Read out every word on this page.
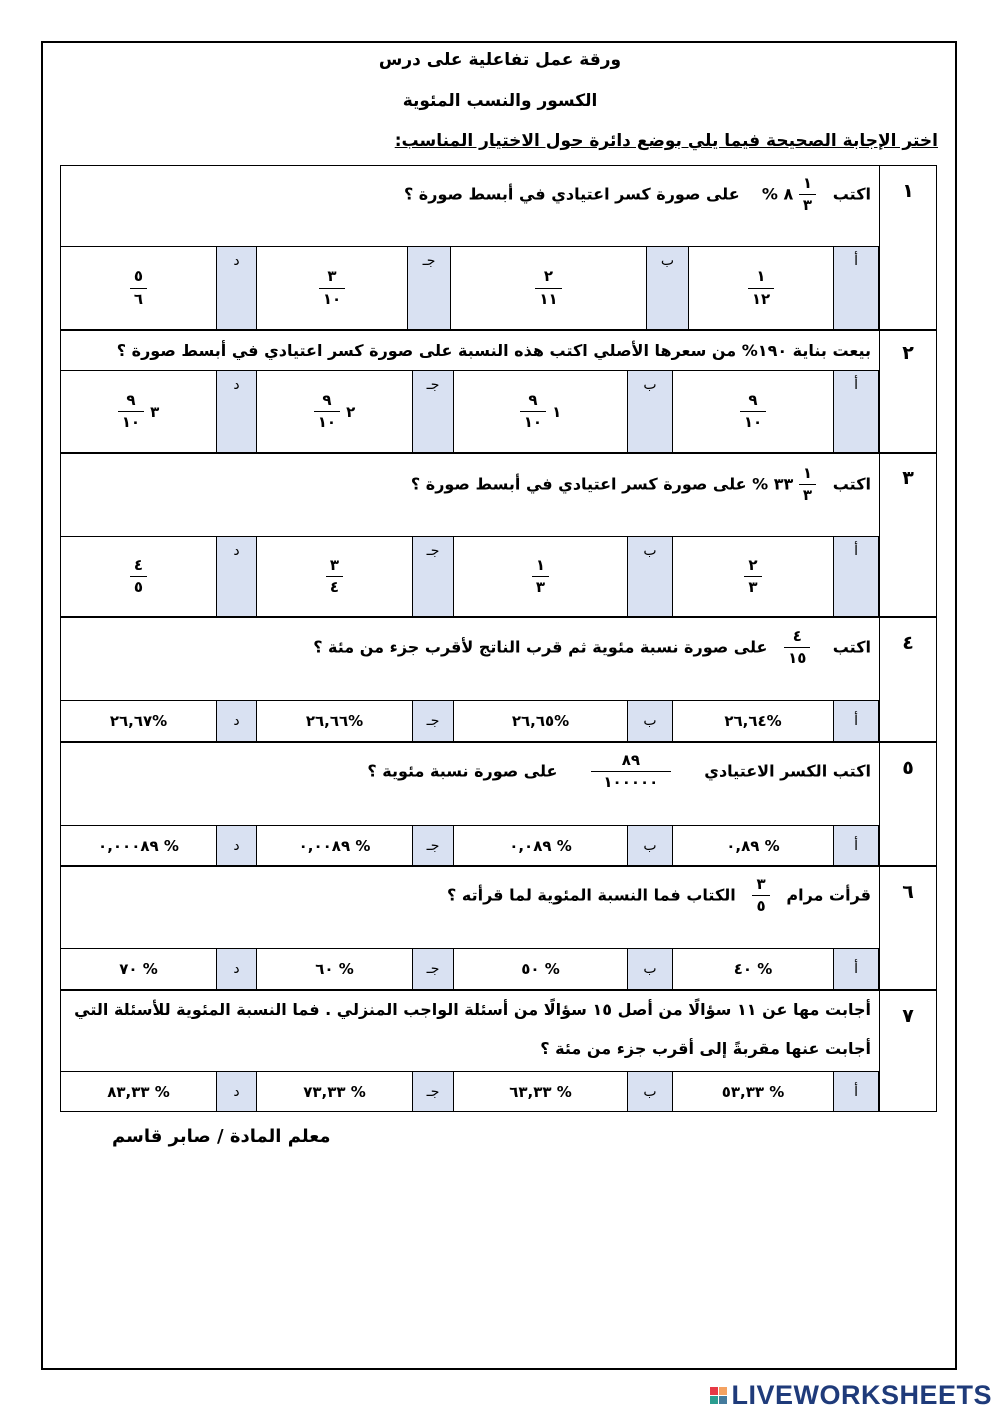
ورقة عمل تفاعلية على درس
الكسور والنسب المئوية
اختر الإجابة الصحيحة فيما يلي بوضع دائرة حول الاختيار المناسب:
١
اكتب
$\frac{١}{٣}$
٨ %    على صورة كسر اعتيادي في أبسط صورة ؟
أ
$\frac{١}{١٢}$
ب
$\frac{٢}{١١}$
جـ
$\frac{٣}{١٠}$
د
$\frac{٥}{٦}$
٢
بيعت بناية ١٩٠% من سعرها الأصلي اكتب هذه النسبة على صورة كسر اعتيادي في أبسط صورة ؟
أ
$\frac{٩}{١٠}$
ب
١
$\frac{٩}{١٠}$
جـ
٢
$\frac{٩}{١٠}$
د
٣
$\frac{٩}{١٠}$
٣
اكتب
$\frac{١}{٣}$
٣٣ % على صورة كسر اعتيادي في أبسط صورة ؟
أ
$\frac{٢}{٣}$
ب
$\frac{١}{٣}$
جـ
$\frac{٣}{٤}$
د
$\frac{٤}{٥}$
٤
اكتب
$\frac{٤}{١٥}$
على صورة نسبة مئوية ثم قرب الناتج لأقرب جزء من مئة ؟
أ
%٢٦,٦٤
ب
%٢٦,٦٥
جـ
%٢٦,٦٦
د
%٢٦,٦٧
٥
اكتب الكسر الاعتيادي
$\frac{٨٩}{١٠٠٠٠٠}$
على صورة نسبة مئوية ؟
أ
% ٠,٨٩
ب
% ٠,٠٨٩
جـ
% ٠,٠٠٨٩
د
% ٠,٠٠٠٨٩
٦
قرأت مرام
$\frac{٣}{٥}$
الكتاب فما النسبة المئوية لما قرأته ؟
أ
% ٤٠
ب
% ٥٠
جـ
% ٦٠
د
% ٧٠
٧
أجابت مها عن ١١ سؤالًا من أصل ١٥ سؤالًا من أسئلة الواجب المنزلي . فما النسبة المئوية للأسئلة التي
أجابت عنها مقربةً إلى أقرب جزء من مئة ؟
أ
% ٥٣,٣٣
ب
% ٦٣,٣٣
جـ
% ٧٣,٣٣
د
% ٨٣,٣٣
معلم المادة / صابر قاسم
LIVEWORKSHEETS
